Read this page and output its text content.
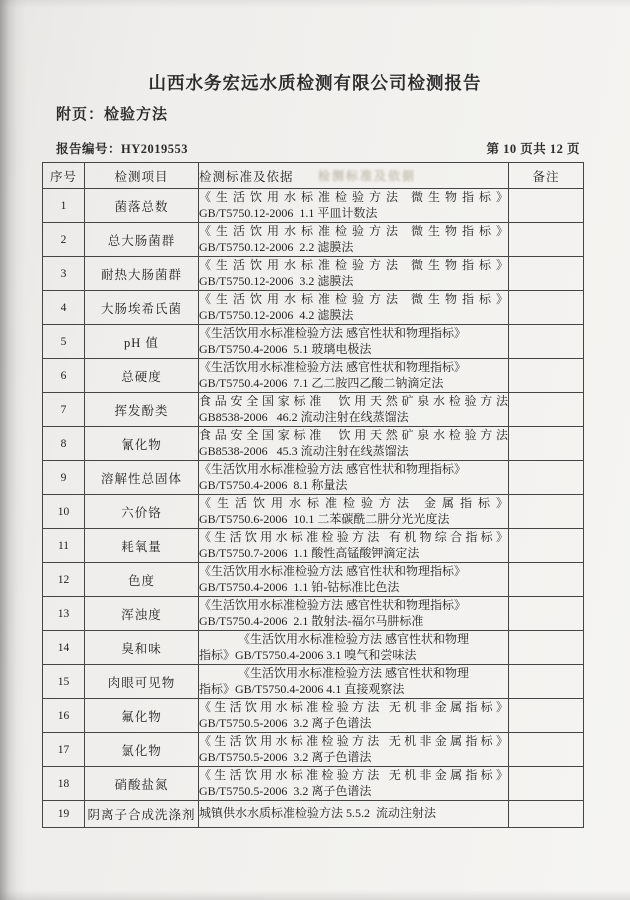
山西水务宏远水质检测有限公司检测报告
附页：检验方法
报告编号：HY2019553	第 10 页共 12 页
检测标准及依据
序号	检测项目	检测标准及依据	备注
1	菌落总数	《生活饮用水标准检验方法 微生物指标》
GB/T5750.12-2006  1.1 平皿计数法	

2	总大肠菌群	《生活饮用水标准检验方法 微生物指标》
GB/T5750.12-2006  2.2 滤膜法	

3	耐热大肠菌群	《生活饮用水标准检验方法 微生物指标》
GB/T5750.12-2006  3.2 滤膜法	

4	大肠埃希氏菌	《生活饮用水标准检验方法 微生物指标》
GB/T5750.12-2006  4.2 滤膜法	

5	pH 值	《生活饮用水标准检验方法 感官性状和物理指标》
GB/T5750.4-2006  5.1 玻璃电极法	

6	总硬度	《生活饮用水标准检验方法 感官性状和物理指标》
GB/T5750.4-2006  7.1 乙二胺四乙酸二钠滴定法	

7	挥发酚类	食品安全国家标准  饮用天然矿泉水检验方法
GB8538-2006   46.2 流动注射在线蒸馏法	

8	氰化物	食品安全国家标准  饮用天然矿泉水检验方法
GB8538-2006   45.3 流动注射在线蒸馏法	

9	溶解性总固体	《生活饮用水标准检验方法 感官性状和物理指标》
GB/T5750.4-2006  8.1 称量法	

10	六价铬	《生活饮用水标准检验方法 金属指标》
GB/T5750.6-2006  10.1 二苯碳酰二肼分光光度法	

11	耗氧量	《生活饮用水标准检验方法 有机物综合指标》
GB/T5750.7-2006  1.1 酸性高锰酸钾滴定法	

12	色度	《生活饮用水标准检验方法 感官性状和物理指标》
GB/T5750.4-2006  1.1 铂-钴标准比色法	

13	浑浊度	《生活饮用水标准检验方法 感官性状和物理指标》
GB/T5750.4-2006  2.1 散射法-福尔马肼标准	

14	臭和味	《生活饮用水标准检验方法 感官性状和物理
指标》GB/T5750.4-2006 3.1 嗅气和尝味法	

15	肉眼可见物	《生活饮用水标准检验方法 感官性状和物理
指标》GB/T5750.4-2006 4.1 直接观察法	

16	氟化物	《生活饮用水标准检验方法 无机非金属指标》
GB/T5750.5-2006  3.2 离子色谱法	

17	氯化物	《生活饮用水标准检验方法 无机非金属指标》
GB/T5750.5-2006  3.2 离子色谱法	

18	硝酸盐氮	《生活饮用水标准检验方法 无机非金属指标》
GB/T5750.5-2006  3.2 离子色谱法	

19	阴离子合成洗涤剂	城镇供水水质标准检验方法 5.5.2  流动注射法	
